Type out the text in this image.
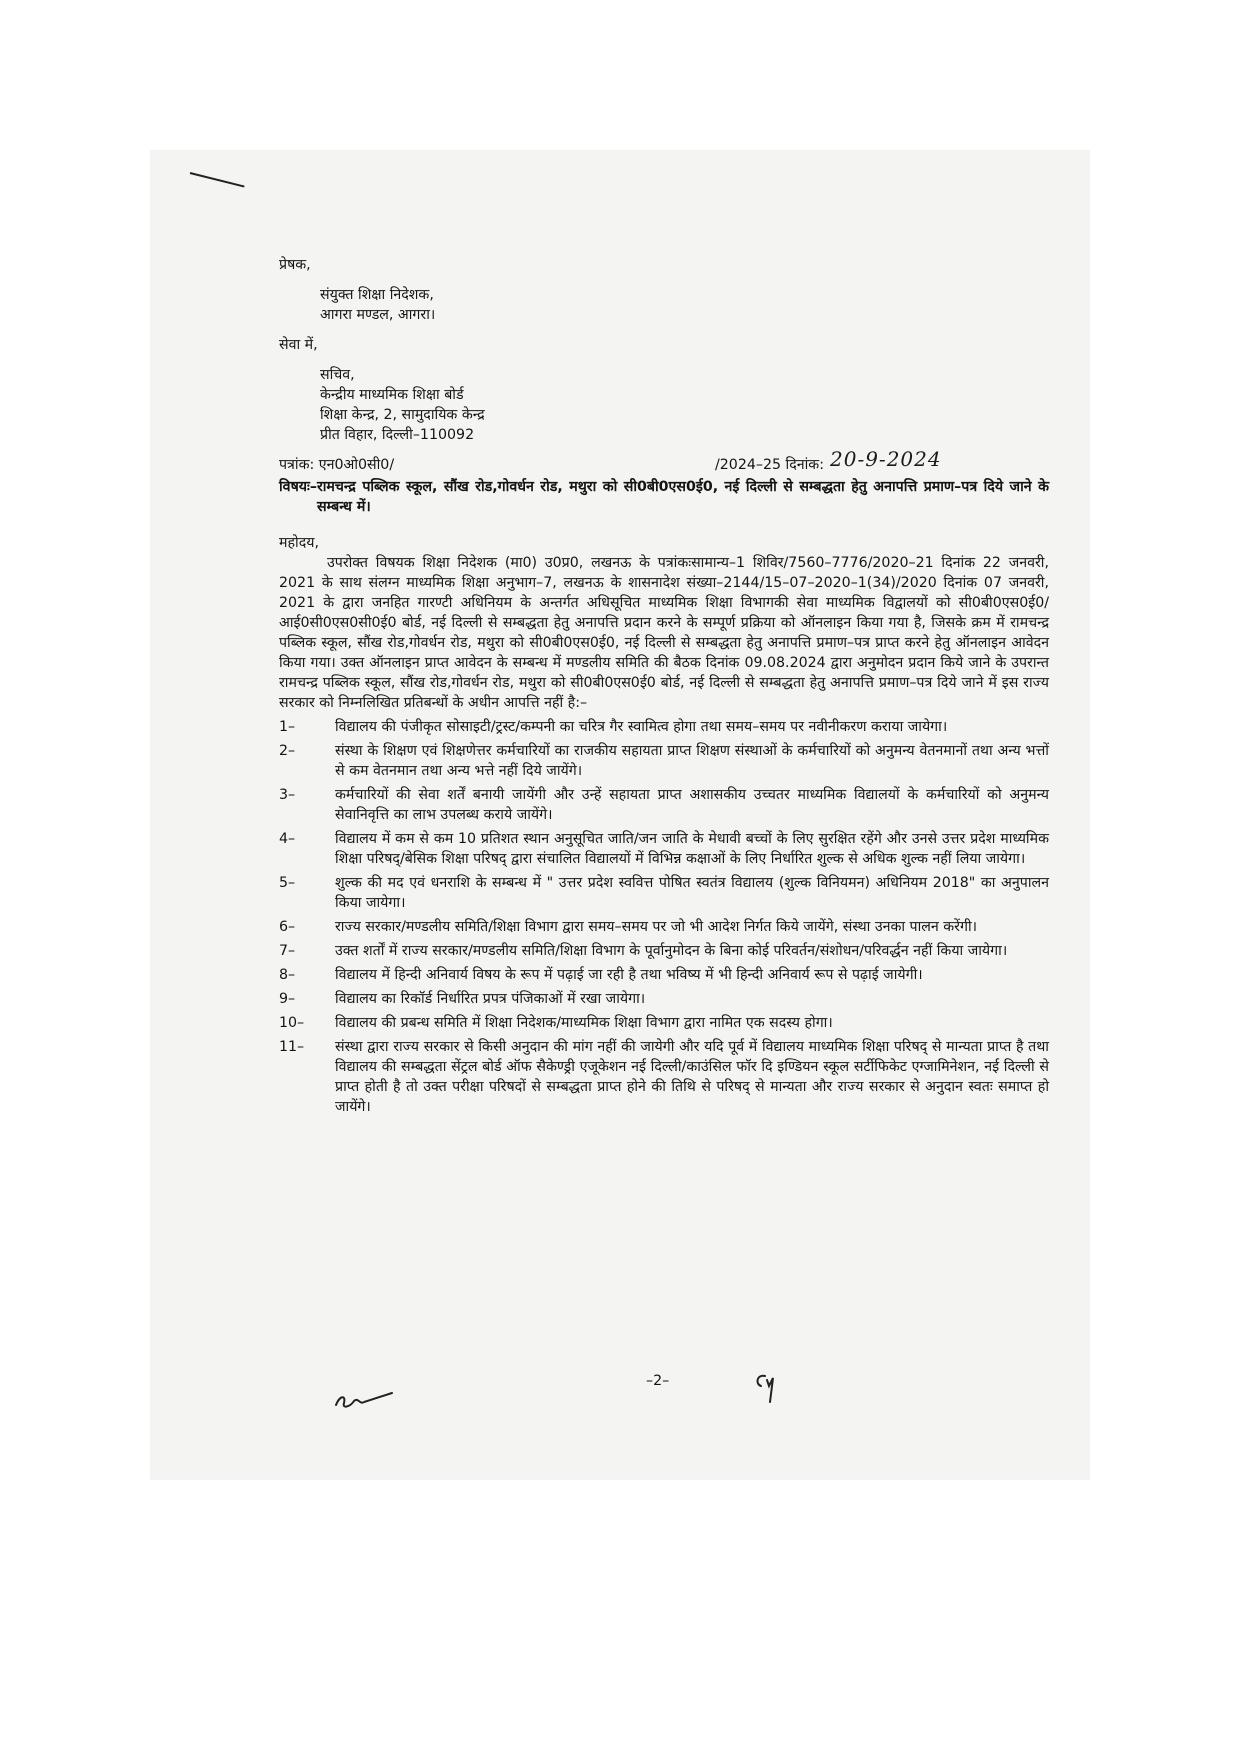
प्रेषक,
संयुक्त शिक्षा निदेशक,
आगरा मण्डल, आगरा।
सेवा में,
सचिव,
केन्द्रीय माध्यमिक शिक्षा बोर्ड
शिक्षा केन्द्र, 2, सामुदायिक केन्द्र
प्रीत विहार, दिल्ली–110092
पत्रांक: एन0ओ0सी0/	/2024–25 दिनांक: 20-9-2024
विषयः– रामचन्द्र पब्लिक स्कूल, सौंख रोड,गोवर्धन रोड, मथुरा को सी0बी0एस0ई0, नई दिल्ली से सम्बद्धता हेतु अनापत्ति प्रमाण–पत्र दिये जाने के सम्बन्ध में।
महोदय,

उपरोक्त विषयक शिक्षा निदेशक (मा0) उ0प्र0, लखनऊ के पत्रांकःसामान्य–1 शिविर/7560–7776/2020–21 दिनांक 22 जनवरी, 2021 के साथ संलग्न माध्यमिक शिक्षा अनुभाग–7, लखनऊ के शासनादेश संख्या–2144/15–07–2020–1(34)/2020 दिनांक 07 जनवरी, 2021 के द्वारा जनहित गारण्टी अधिनियम के अन्तर्गत अधिसूचित माध्यमिक शिक्षा विभागकी सेवा माध्यमिक विद्वालयों को सी0बी0एस0ई0/आई0सी0एस0सी0ई0 बोर्ड, नई दिल्ली से सम्बद्धता हेतु अनापत्ति प्रदान करने के सम्पूर्ण प्रक्रिया को ऑनलाइन किया गया है, जिसके क्रम में रामचन्द्र पब्लिक स्कूल, सौंख रोड,गोवर्धन रोड, मथुरा को सी0बी0एस0ई0, नई दिल्ली से सम्बद्धता हेतु अनापत्ति प्रमाण–पत्र प्राप्त करने हेतु ऑनलाइन आवेदन किया गया। उक्त ऑनलाइन प्राप्त आवेदन के सम्बन्ध में मण्डलीय समिति की बैठक दिनांक 09.08.2024 द्वारा अनुमोदन प्रदान किये जाने के उपरान्त रामचन्द्र पब्लिक स्कूल, सौंख रोड,गोवर्धन रोड, मथुरा को सी0बी0एस0ई0 बोर्ड, नई दिल्ली से सम्बद्धता हेतु अनापत्ति प्रमाण–पत्र दिये जाने में इस राज्य सरकार को निम्नलिखित प्रतिबन्धों के अधीन आपत्ति नहीं है:–

1–	विद्यालय की पंजीकृत सोसाइटी/ट्रस्ट/कम्पनी का चरित्र गैर स्वामित्व होगा तथा समय–समय पर नवीनीकरण कराया जायेगा।
2–	संस्था के शिक्षण एवं शिक्षणेत्तर कर्मचारियों का राजकीय सहायता प्राप्त शिक्षण संस्थाओं के कर्मचारियों को अनुमन्य वेतनमानों तथा अन्य भत्तों से कम वेतनमान तथा अन्य भत्ते नहीं दिये जायेंगे।
3–	कर्मचारियों की सेवा शर्तें बनायी जायेंगी और उन्हें सहायता प्राप्त अशासकीय उच्चतर माध्यमिक विद्यालयों के कर्मचारियों को अनुमन्य सेवानिवृत्ति का लाभ उपलब्ध कराये जायेंगे।
4–	विद्यालय में कम से कम 10 प्रतिशत स्थान अनुसूचित जाति/जन जाति के मेधावी बच्चों के लिए सुरक्षित रहेंगे और उनसे उत्तर प्रदेश माध्यमिक शिक्षा परिषद्/बेसिक शिक्षा परिषद् द्वारा संचालित विद्यालयों में विभिन्न कक्षाओं के लिए निर्धारित शुल्क से अधिक शुल्क नहीं लिया जायेगा।
5–	शुल्क की मद एवं धनराशि के सम्बन्ध में " उत्तर प्रदेश स्ववित्त पोषित स्वतंत्र विद्यालय (शुल्क विनियमन) अधिनियम 2018" का अनुपालन किया जायेगा।
6–	राज्य सरकार/मण्डलीय समिति/शिक्षा विभाग द्वारा समय–समय पर जो भी आदेश निर्गत किये जायेंगे, संस्था उनका पालन करेंगी।
7–	उक्त शर्तों में राज्य सरकार/मण्डलीय समिति/शिक्षा विभाग के पूर्वानुमोदन के बिना कोई परिवर्तन/संशोधन/परिवर्द्धन नहीं किया जायेगा।
8–	विद्यालय में हिन्दी अनिवार्य विषय के रूप में पढ़ाई जा रही है तथा भविष्य में भी हिन्दी अनिवार्य रूप से पढ़ाई जायेगी।
9–	विद्यालय का रिकॉर्ड निर्धारित प्रपत्र पंजिकाओं में रखा जायेगा।
10–	विद्यालय की प्रबन्ध समिति में शिक्षा निदेशक/माध्यमिक शिक्षा विभाग द्वारा नामित एक सदस्य होगा।
11–	संस्था द्वारा राज्य सरकार से किसी अनुदान की मांग नहीं की जायेगी और यदि पूर्व में विद्यालय माध्यमिक शिक्षा परिषद् से मान्यता प्राप्त है तथा विद्यालय की सम्बद्धता सेंट्रल बोर्ड ऑफ सैकेण्ड्री एजूकेशन नई दिल्ली/काउंसिल फॉर दि इण्डियन स्कूल सर्टीफिकेट एग्जामिनेशन, नई दिल्ली से प्राप्त होती है तो उक्त परीक्षा परिषदों से सम्बद्धता प्राप्त होने की तिथि से परिषद् से मान्यता और राज्य सरकार से अनुदान स्वतः समाप्त हो जायेंगे।
–2–
